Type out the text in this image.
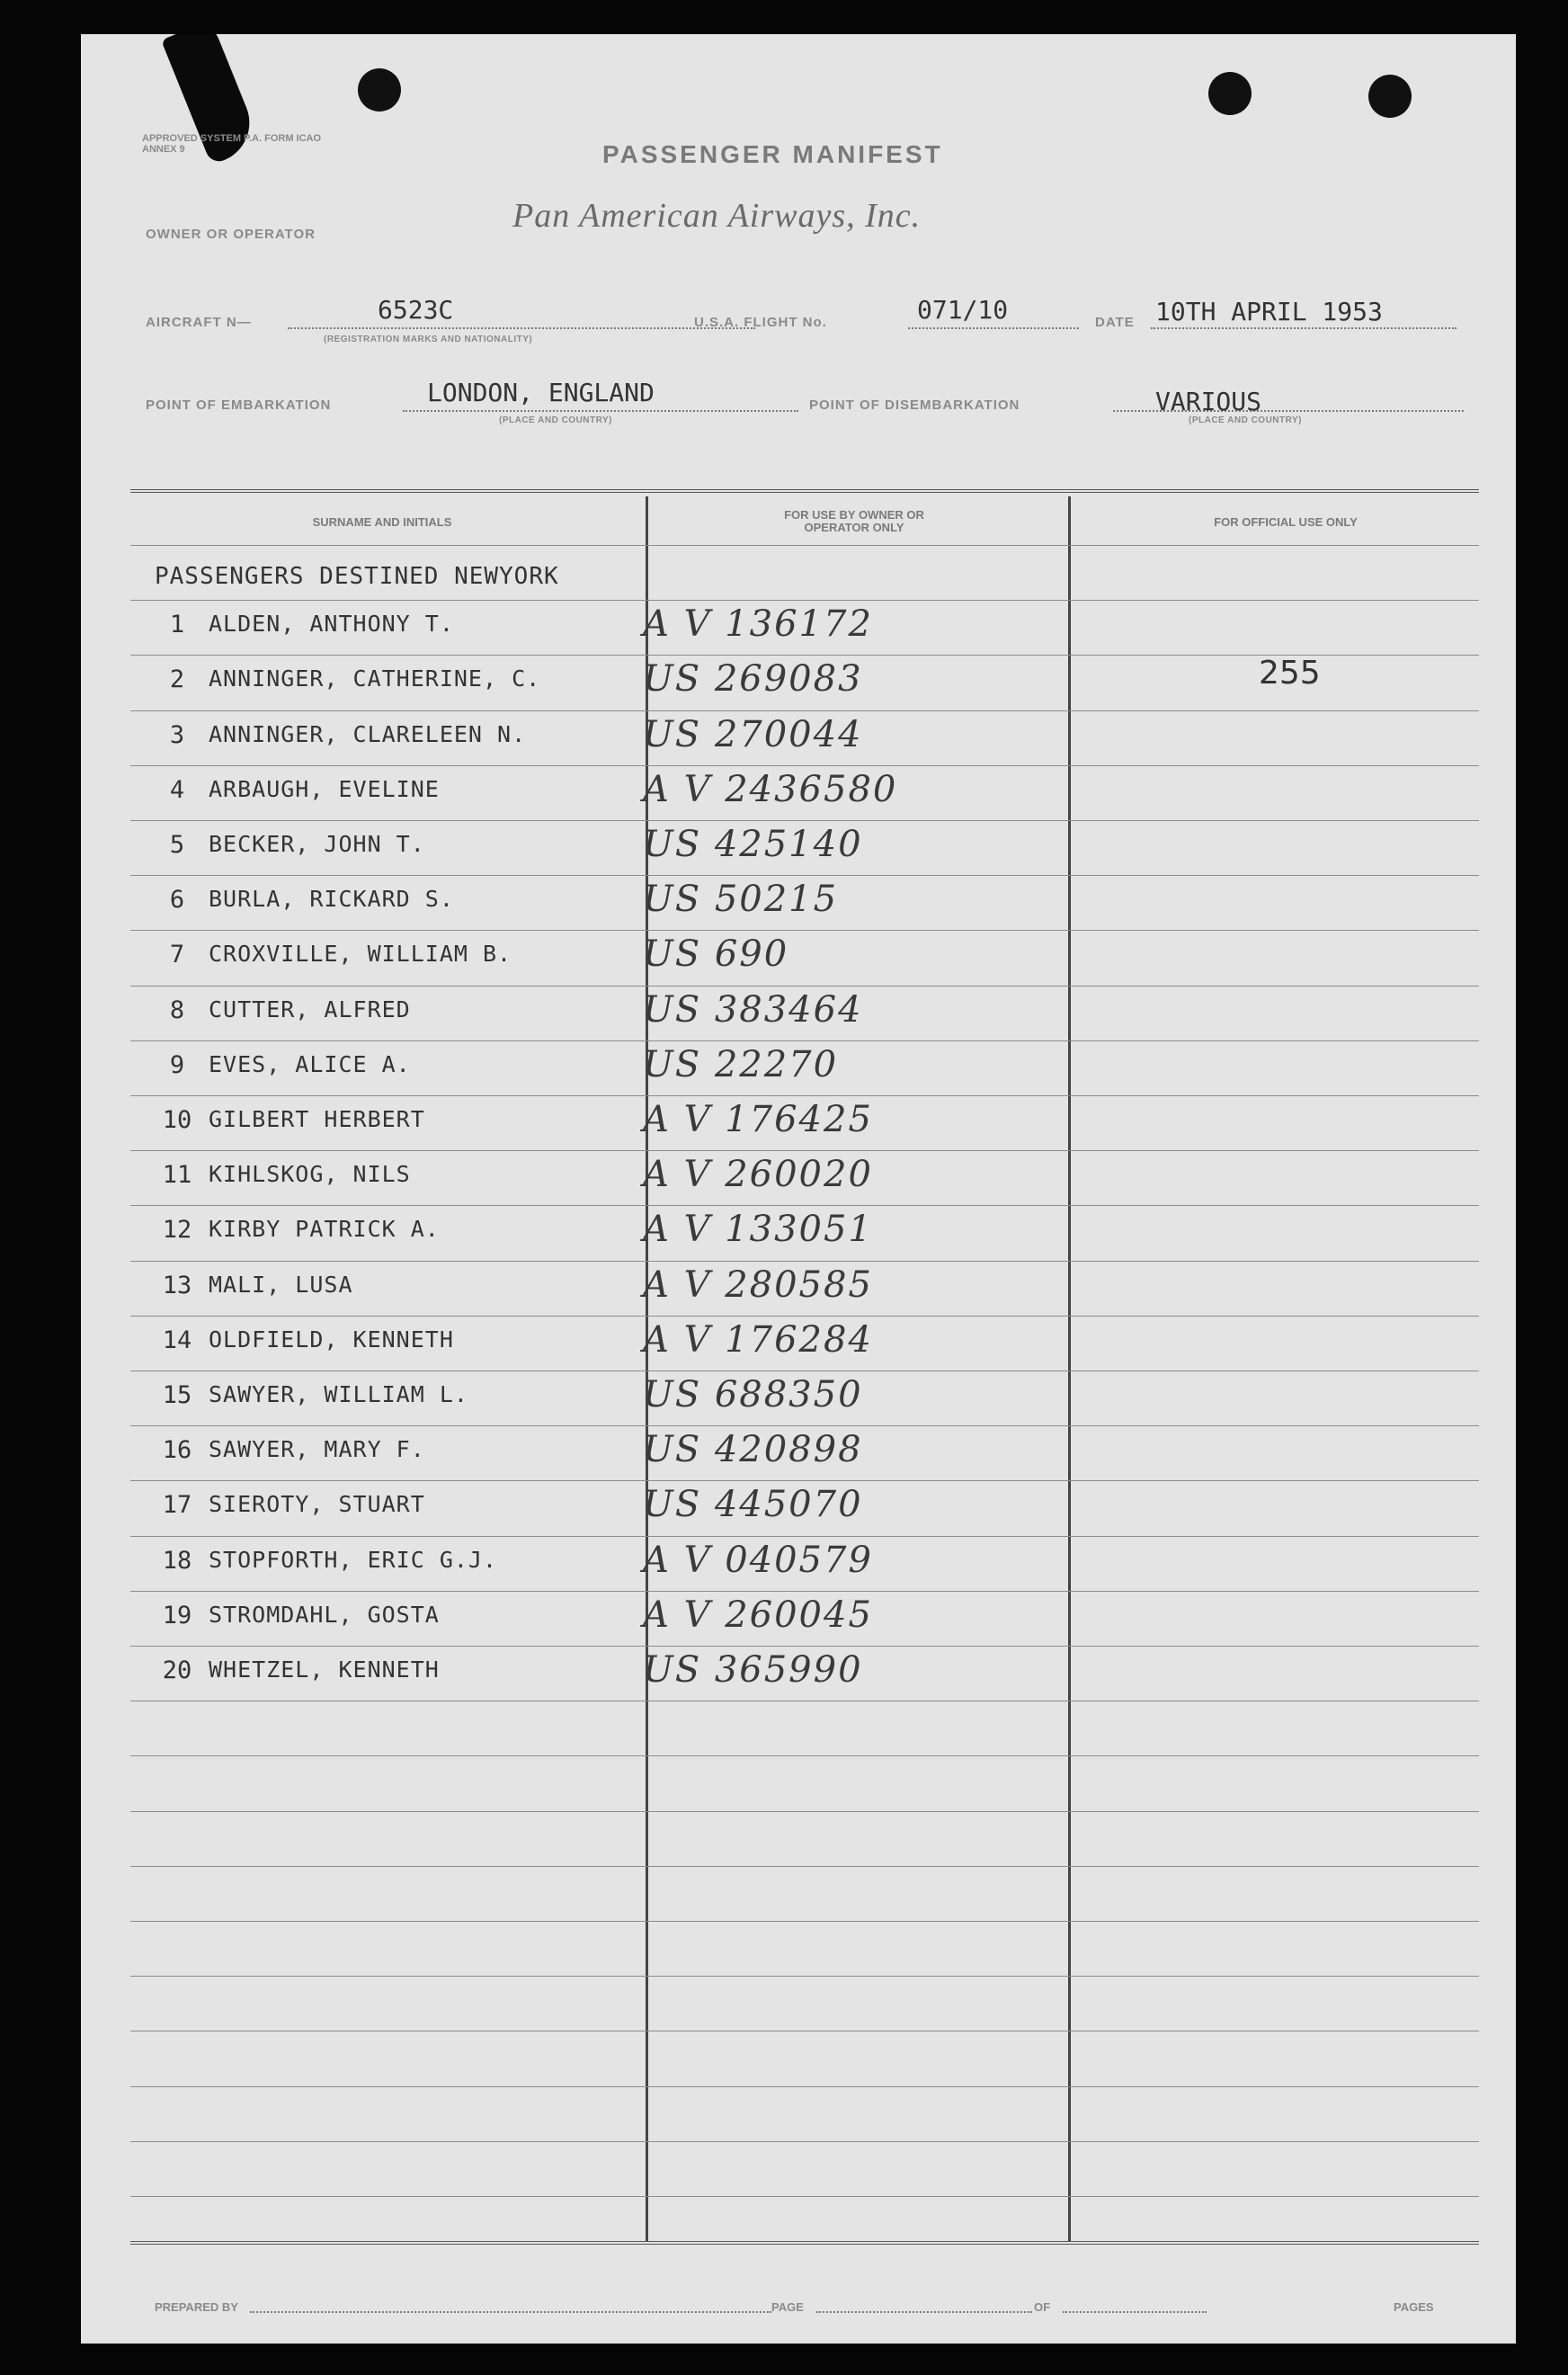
APPROVED SYSTEM P.A. FORM ICAO ANNEX 9	PASSENGER MANIFEST
OWNER OR OPERATOR	Pan American Airways, Inc.
AIRCRAFT N—	6523C
(REGISTRATION MARKS AND NATIONALITY)
U.S.A. FLIGHT No.	071/10	DATE 10TH APRIL 1953
POINT OF EMBARKATION	LONDON, ENGLAND
(PLACE AND COUNTRY)
POINT OF DISEMBARKATION	VARIOUS
(PLACE AND COUNTRY)
SURNAME AND INITIALS
FOR USE BY OWNER OR OPERATOR ONLY	FOR OFFICIAL USE ONLY
PASSENGERS DESTINED NEWYORK
1	ALDEN, ANTHONY T.	A V 136172
2	ANNINGER, CATHERINE, C.	US 269083	255
3	ANNINGER, CLARELEEN N.	US 270044
4	ARBAUGH, EVELINE	A V 2436580
5	BECKER, JOHN T.	US 425140
6	BURLA, RICKARD S.	US 50215
7	CROXVILLE, WILLIAM B.	US 690
8	CUTTER, ALFRED	US 383464
9	EVES, ALICE A.	US 22270
10 GILBERT HERBERT	A V 176425
11 KIHLSKOG, NILS	A V 260020
12 KIRBY PATRICK A.	A V 133051
13 MALI, LUSA	A V 280585
14 OLDFIELD, KENNETH	A V 176284
15 SAWYER, WILLIAM L.	US 688350
16 SAWYER, MARY F.	US 420898
17 SIEROTY, STUART	US 445070
18 STOPFORTH, ERIC G.J.	A V 040579
19 STROMDAHL, GOSTA	A V 260045
20 WHETZEL, KENNETH	US 365990
PREPARED BY	PAGE	OF	PAGES
